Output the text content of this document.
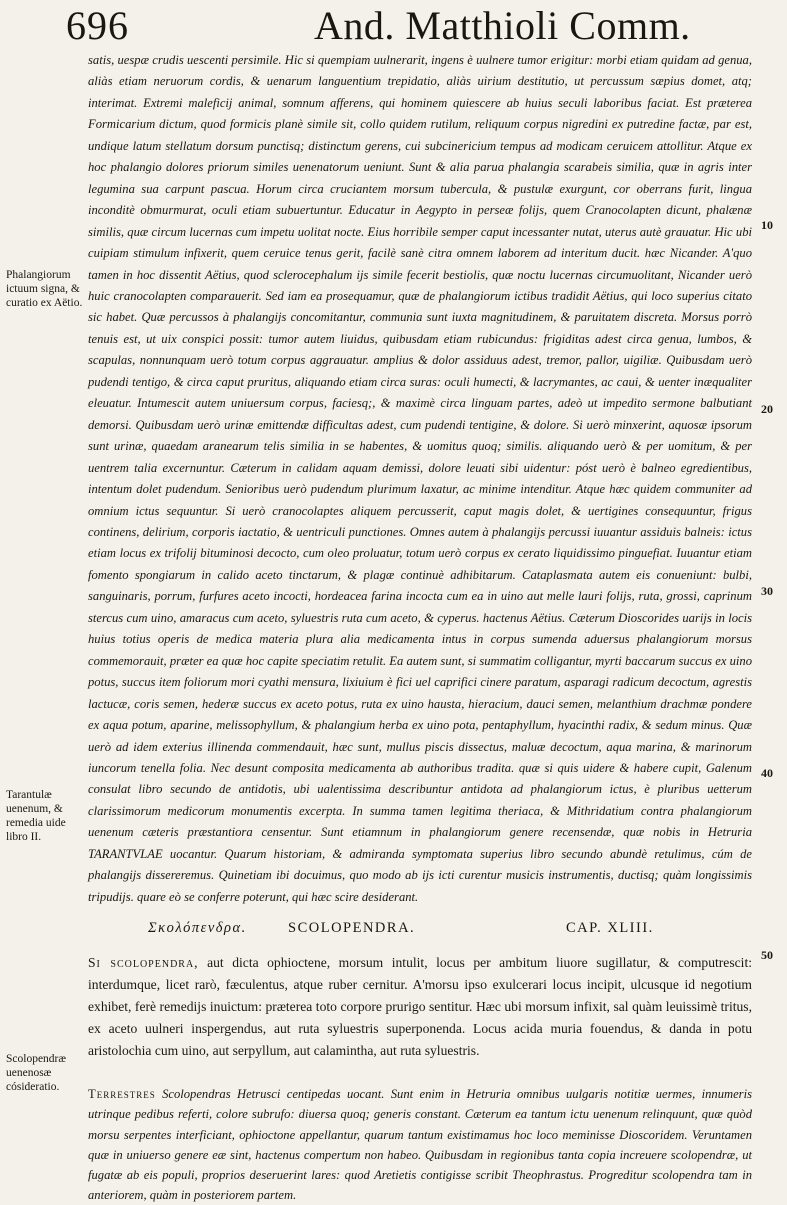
696	And. Matthioli Comm.
Phalangiorum ictuum signa, & curatio ex Aëtio.
Tarantulæ uenenum, & remedia uide libro II.
Scolopendræ uenenosæ cósideratio.
10
20
30
40
50

satis, uespæ crudis uescenti persimile. Hic si quempiam uulnerarit, ingens è uulnere tumor erigitur: morbi etiam quidam ad genua, aliàs etiam neruorum cordis, & uenarum languentium trepidatio, aliàs uirium destitutio, ut percussum sæpius domet, atq; interimat. Extremi maleficij animal, somnum afferens, qui hominem quiescere ab huius seculi laboribus faciat. Est præterea Formicarium dictum, quod formicis planè simile sit, collo quidem rutilum, reliquum corpus nigredini ex putredine factæ, par est, undique latum stellatum dorsum punctisq; distinctum gerens, cui subcinericium tempus ad modicam ceruicem attollitur. Atque ex hoc phalangio dolores priorum similes uenenatorum ueniunt. Sunt & alia parua phalangia scarabeis similia, quæ in agris inter legumina sua carpunt pascua. Horum circa cruciantem morsum tubercula, & pustulæ exurgunt, cor oberrans furit, lingua inconditè obmurmurat, oculi etiam subuertuntur. Educatur in Aegypto in perseæ folijs, quem Cranocolapten dicunt, phalænæ similis, quæ circum lucernas cum impetu uolitat nocte. Eius horribile semper caput incessanter nutat, uterus autè grauatur. Hic ubi cuipiam stimulum infixerit, quem ceruice tenus gerit, facilè sanè citra omnem laborem ad interitum ducit. hæc Nicander. A'quo tamen in hoc dissentit Aëtius, quod sclerocephalum ijs simile fecerit bestiolis, quæ noctu lucernas circumuolitant, Nicander uerò huic cranocolapten comparauerit. Sed iam ea prosequamur, quæ de phalangiorum ictibus tradidit Aëtius, qui loco superius citato sic habet. Quæ percussos à phalangijs concomitantur, communia sunt iuxta magnitudinem, & paruitatem discreta. Morsus porrò tenuis est, ut uix conspici possit: tumor autem liuidus, quibusdam etiam rubicundus: frigiditas adest circa genua, lumbos, & scapulas, nonnunquam uerò totum corpus aggrauatur. amplius & dolor assiduus adest, tremor, pallor, uigiliæ. Quibusdam uerò pudendi tentigo, & circa caput pruritus, aliquando etiam circa suras: oculi humecti, & lacrymantes, ac caui, & uenter inæqualiter eleuatur. Intumescit autem uniuersum corpus, faciesq;, & maximè circa linguam partes, adeò ut impedito sermone balbutiant demorsi. Quibusdam uerò urinæ emittendæ difficultas adest, cum pudendi tentigine, & dolore. Si uerò minxerint, aquosæ ipsorum sunt urinæ, quaedam aranearum telis similia in se habentes, & uomitus quoq; similis. aliquando uerò & per uomitum, & per uentrem talia excernuntur. Cæterum in calidam aquam demissi, dolore leuati sibi uidentur: póst uerò è balneo egredientibus, intentum dolet pudendum. Senioribus uerò pudendum plurimum laxatur, ac minime intenditur. Atque hæc quidem communiter ad omnium ictus sequuntur. Si uerò cranocolaptes aliquem percusserit, caput magis dolet, & uertigines consequuntur, frigus continens, delirium, corporis iactatio, & uentriculi punctiones. Omnes autem à phalangijs percussi iuuantur assiduis balneis: ictus etiam locus ex trifolij bituminosi decocto, cum oleo proluatur, totum uerò corpus ex cerato liquidissimo pinguefiat. Iuuantur etiam fomento spongiarum in calido aceto tinctarum, & plagæ continuè adhibitarum. Cataplasmata autem eis conueniunt: bulbi, sanguinaris, porrum, furfures aceto incocti, hordeacea farina incocta cum ea in uino aut melle lauri folijs, ruta, grossi, caprinum stercus cum uino, amaracus cum aceto, syluestris ruta cum aceto, & cyperus. hactenus Aëtius. Cæterum Dioscorides uarijs in locis huius totius operis de medica materia plura alia medicamenta intus in corpus sumenda aduersus phalangiorum morsus commemorauit, præter ea quæ hoc capite speciatim retulit. Ea autem sunt, si summatim colligantur, myrti baccarum succus ex uino potus, succus item foliorum mori cyathi mensura, lixiuium è fici uel caprifici cinere paratum, asparagi radicum decoctum, agrestis lactucæ, coris semen, hederæ succus ex aceto potus, ruta ex uino hausta, hieracium, dauci semen, melanthium drachmæ pondere ex aqua potum, aparine, melissophyllum, & phalangium herba ex uino pota, pentaphyllum, hyacinthi radix, & sedum minus. Quæ uerò ad idem exterius illinenda commendauit, hæc sunt, mullus piscis dissectus, maluæ decoctum, aqua marina, & marinorum iuncorum tenella folia. Nec desunt composita medicamenta ab authoribus tradita. quæ si quis uidere & habere cupit, Galenum consulat libro secundo de antidotis, ubi ualentissima describuntur antidota ad phalangiorum ictus, è pluribus uetterum clarissimorum medicorum monumentis excerpta. In summa tamen legitima theriaca, & Mithridatium contra phalangiorum uenenum cæteris præstantiora censentur. Sunt etiamnum in phalangiorum genere recensendæ, quæ nobis in Hetruria TARANTVLAE uocantur. Quarum historiam, & admiranda symptomata superius libro secundo abundè retulimus, cúm de phalangijs dissereremus. Quinetiam ibi docuimus, quo modo ab ijs icti curentur musicis instrumentis, ductisq; quàm longissimis tripudijs. quare eò se conferre poterunt, qui hæc scire desiderant.

Σκολόπενδρα.	SCOLOPENDRA.	CAP. XLIII.

Si scolopendra, aut dicta ophioctene, morsum intulit, locus per ambitum liuore sugillatur, & computrescit: interdumque, licet rarò, fæculentus, atque ruber cernitur. A'morsu ipso exulcerari locus incipit, ulcusque id negotium exhibet, ferè remedijs inuictum: præterea toto corpore prurigo sentitur. Hæc ubi morsum infixit, sal quàm leuissimè tritus, ex aceto uulneri inspergendus, aut ruta syluestris superponenda. Locus acida muria fouendus, & danda in potu aristolochia cum uino, aut serpyllum, aut calamintha, aut ruta syluestris.

Terrestres Scolopendras Hetrusci centipedas uocant. Sunt enim in Hetruria omnibus uulgaris notitiæ uermes, innumeris utrinque pedibus referti, colore subrufo: diuersa quoq; generis constant. Cæterum ea tantum ictu uenenum relinquunt, quæ quòd morsu serpentes interficiant, ophioctone appellantur, quarum tantum existimamus hoc loco meminisse Dioscoridem. Veruntamen quæ in uniuerso genere eæ sint, hactenus compertum non habeo. Quibusdam in regionibus tanta copia increuere scolopendræ, ut fugatæ ab eis populi, proprios deseruerint lares: quod Aretietis contigisse scribit Theophrastus. Progreditur scolopendra tam in anteriorem, quàm in posteriorem partem.
